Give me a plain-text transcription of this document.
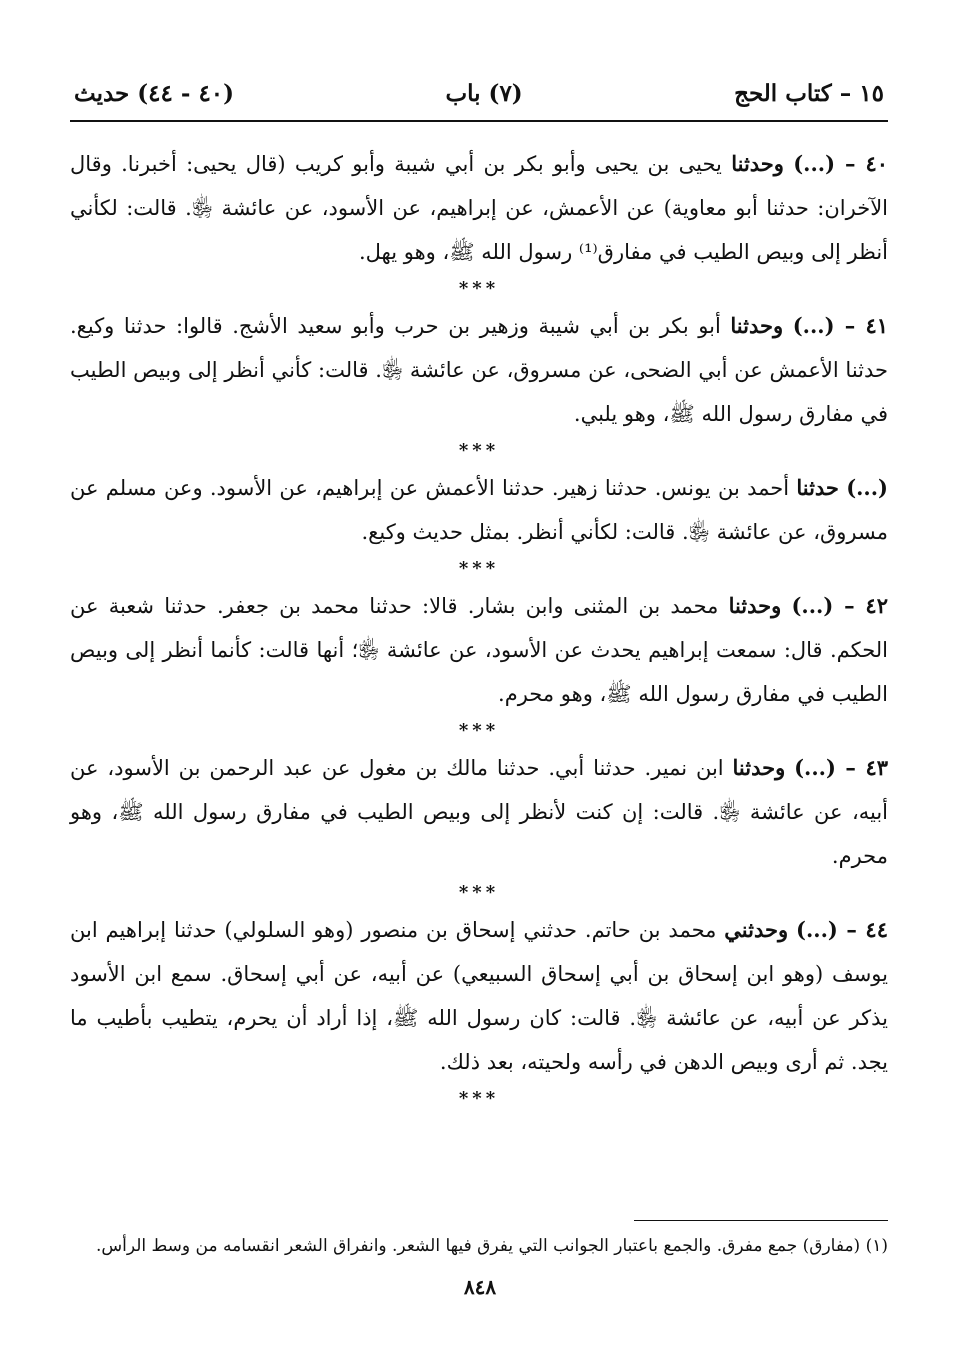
١٥ – كتاب الحج
(٧) باب
(٤٠ - ٤٤) حديث

٤٠ – (...) وحدثنا يحيى بن يحيى وأبو بكر بن أبي شيبة وأبو كريب (قال يحيى: أخبرنا. وقال الآخران: حدثنا أبو معاوية) عن الأعمش، عن إبراهيم، عن الأسود، عن عائشة ﵂. قالت: لكأني أنظر إلى وبيص الطيب في مفارق⁽¹⁾ رسول الله ﷺ، وهو يهل.

***

٤١ – (...) وحدثنا أبو بكر بن أبي شيبة وزهير بن حرب وأبو سعيد الأشج. قالوا: حدثنا وكيع. حدثنا الأعمش عن أبي الضحى، عن مسروق، عن عائشة ﵂. قالت: كأني أنظر إلى وبيص الطيب في مفارق رسول الله ﷺ، وهو يلبي.

***

(...) حدثنا أحمد بن يونس. حدثنا زهير. حدثنا الأعمش عن إبراهيم، عن الأسود. وعن مسلم عن مسروق، عن عائشة ﵂. قالت: لكأني أنظر. بمثل حديث وكيع.

***

٤٢ – (...) وحدثنا محمد بن المثنى وابن بشار. قالا: حدثنا محمد بن جعفر. حدثنا شعبة عن الحكم. قال: سمعت إبراهيم يحدث عن الأسود، عن عائشة ﵂؛ أنها قالت: كأنما أنظر إلى وبيص الطيب في مفارق رسول الله ﷺ، وهو محرم.

***

٤٣ – (...) وحدثنا ابن نمير. حدثنا أبي. حدثنا مالك بن مغول عن عبد الرحمن بن الأسود، عن أبيه، عن عائشة ﵂. قالت: إن كنت لأنظر إلى وبيص الطيب في مفارق رسول الله ﷺ، وهو محرم.

***

٤٤ – (...) وحدثني محمد بن حاتم. حدثني إسحاق بن منصور (وهو السلولي) حدثنا إبراهيم ابن يوسف (وهو ابن إسحاق بن أبي إسحاق السبيعي) عن أبيه، عن أبي إسحاق. سمع ابن الأسود يذكر عن أبيه، عن عائشة ﵂. قالت: كان رسول الله ﷺ، إذا أراد أن يحرم، يتطيب بأطيب ما يجد. ثم أرى وبيص الدهن في رأسه ولحيته، بعد ذلك.

***
(١) (مفارق) جمع مفرق. والجمع باعتبار الجوانب التي يفرق فيها الشعر. وانفراق الشعر انقسامه من وسط الرأس.
٨٤٨
